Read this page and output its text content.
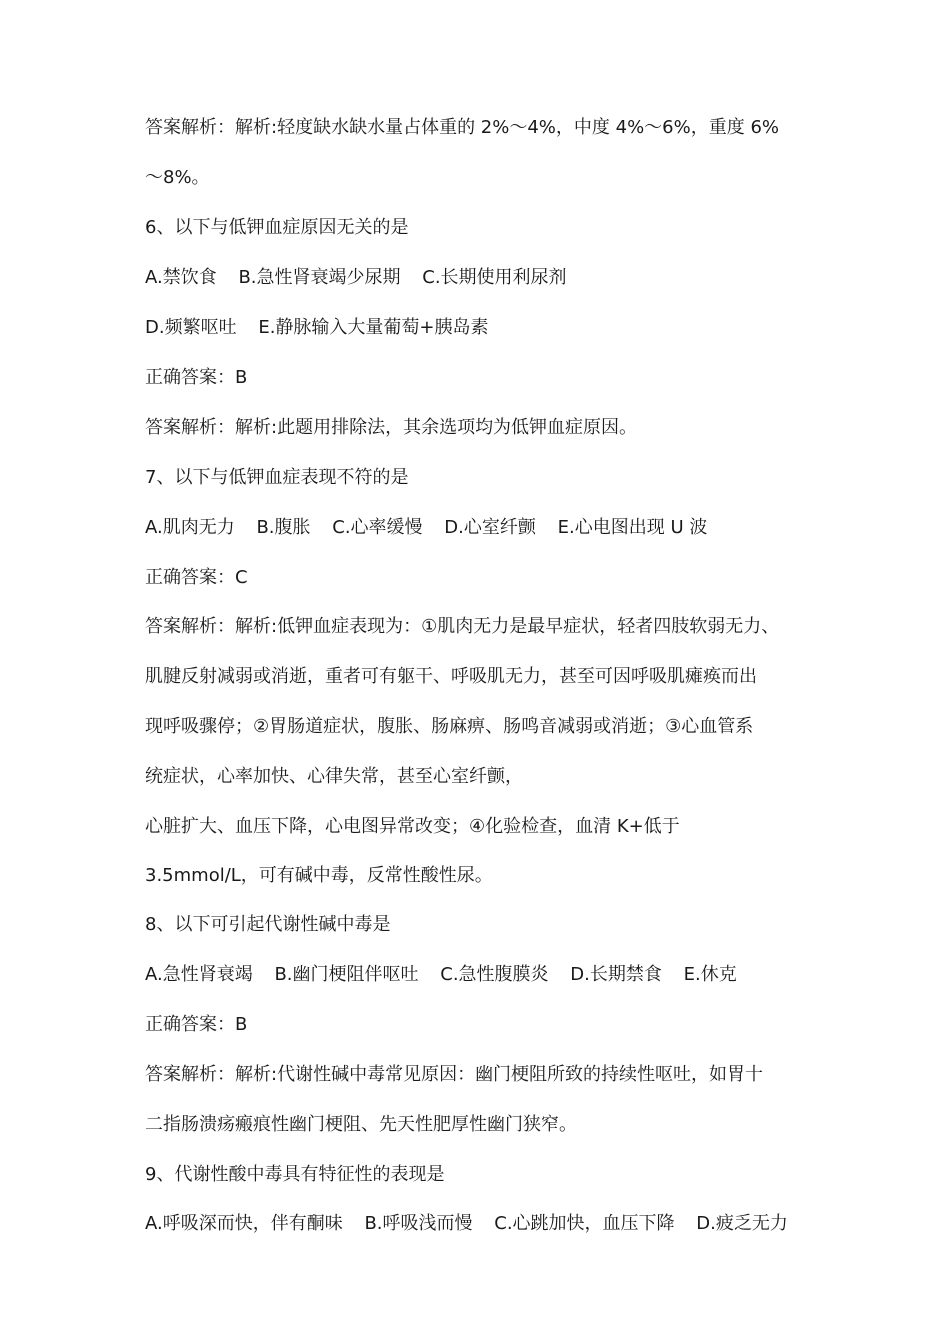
答案解析：解析:轻度缺水缺水量占体重的 2%～4%，中度 4%～6%，重度 6%
～8%。
6、以下与低钾血症原因无关的是
A.禁饮食 B.急性肾衰竭少尿期 C.长期使用利尿剂
D.频繁呕吐 E.静脉输入大量葡萄+胰岛素
正确答案：B
答案解析：解析:此题用排除法，其余选项均为低钾血症原因。
7、以下与低钾血症表现不符的是
A.肌肉无力 B.腹胀 C.心率缓慢 D.心室纤颤 E.心电图出现 U 波
正确答案：C
答案解析：解析:低钾血症表现为：①肌肉无力是最早症状，轻者四肢软弱无力、
肌腱反射减弱或消逝，重者可有躯干、呼吸肌无力，甚至可因呼吸肌瘫痪而出
现呼吸骤停；②胃肠道症状，腹胀、肠麻痹、肠鸣音减弱或消逝；③心血管系
统症状，心率加快、心律失常，甚至心室纤颤，
心脏扩大、血压下降，心电图异常改变；④化验检查，血清 K+低于
3.5mmol/L，可有碱中毒，反常性酸性尿。
8、以下可引起代谢性碱中毒是
A.急性肾衰竭 B.幽门梗阻伴呕吐 C.急性腹膜炎 D.长期禁食 E.休克
正确答案：B
答案解析：解析:代谢性碱中毒常见原因：幽门梗阻所致的持续性呕吐，如胃十
二指肠溃疡瘢痕性幽门梗阻、先天性肥厚性幽门狭窄。
9、代谢性酸中毒具有特征性的表现是
A.呼吸深而快，伴有酮味 B.呼吸浅而慢 C.心跳加快，血压下降 D.疲乏无力
